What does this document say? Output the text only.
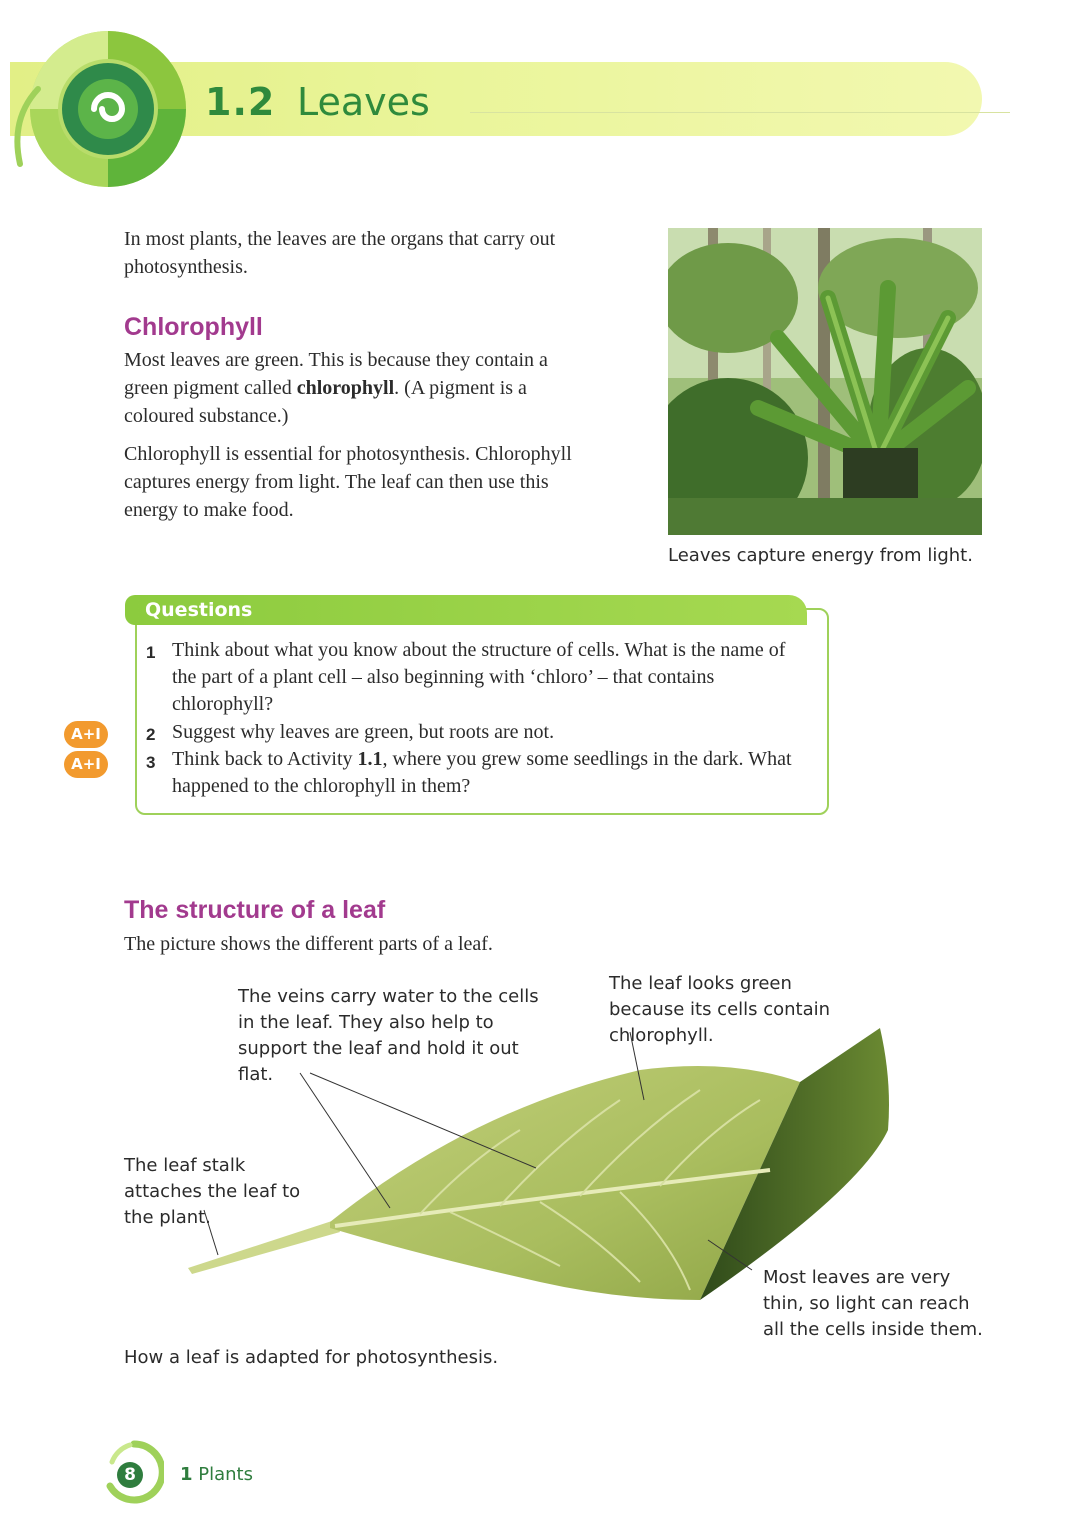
1.2 Leaves
In most plants, the leaves are the organs that carry out photosynthesis.
Chlorophyll
Most leaves are green. This is because they contain a green pigment called chlorophyll. (A pigment is a coloured substance.)
Chlorophyll is essential for photosynthesis. Chlorophyll captures energy from light. The leaf can then use this energy to make food.
Leaves capture energy from light.
Questions
1 Think about what you know about the structure of cells. What is the name of the part of a plant cell – also beginning with ‘chloro’ – that contains chlorophyll?
2 Suggest why leaves are green, but roots are not.
3 Think back to Activity 1.1, where you grew some seedlings in the dark. What happened to the chlorophyll in them?
A+I
A+I
The structure of a leaf
The picture shows the different parts of a leaf.
The veins carry water to the cells in the leaf. They also help to support the leaf and hold it out flat.
The leaf looks green because its cells contain chlorophyll.
The leaf stalk attaches the leaf to the plant.
Most leaves are very thin, so light can reach all the cells inside them.
How a leaf is adapted for photosynthesis.
8	1 Plants
